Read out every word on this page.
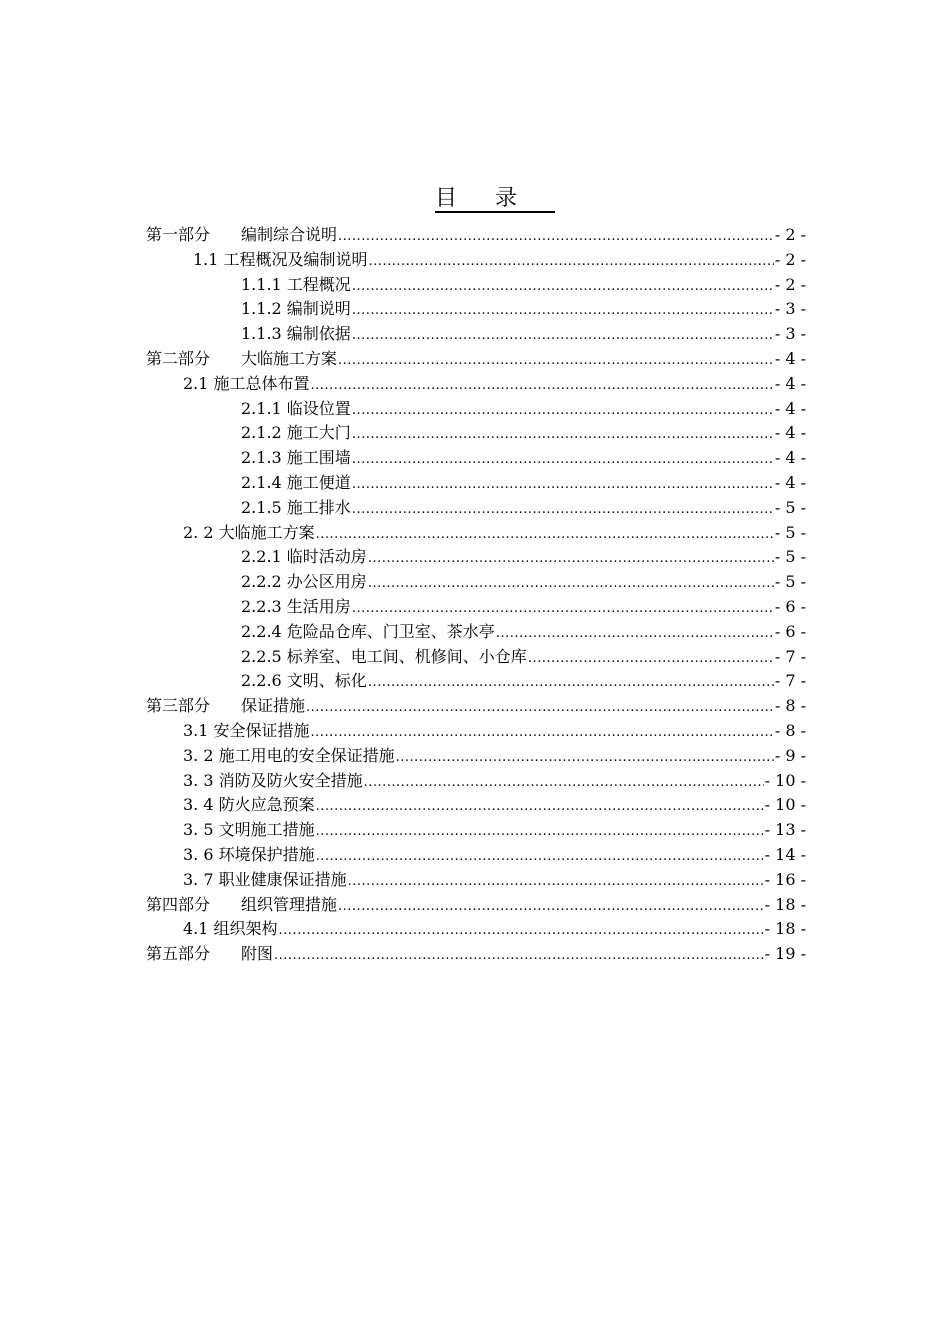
目录
第一部分 编制综合说明 .....	- 2 -
1.1 工程概况及编制说明 .....	- 2 -
1.1.1 工程概况 .....	- 2 -
1.1.2 编制说明 .....	- 3 -
1.1.3 编制依据 .....	- 3 -
第二部分 大临施工方案 .....	- 4 -
2.1 施工总体布置 .....	- 4 -
2.1.1 临设位置 .....	- 4 -
2.1.2 施工大门 .....	- 4 -
2.1.3 施工围墙 .....	- 4 -
2.1.4 施工便道 .....	- 4 -
2.1.5 施工排水 .....	- 5 -
2. 2 大临施工方案 .....	- 5 -
2.2.1 临时活动房 .....	- 5 -
2.2.2 办公区用房 .....	- 5 -
2.2.3 生活用房 .....	- 6 -
2.2.4 危险品仓库、门卫室、茶水亭 .....	- 6 -
2.2.5 标养室、电工间、机修间、小仓库 .....	- 7 -
2.2.6 文明、标化 .....	- 7 -
第三部分 保证措施 .....	- 8 -
3.1 安全保证措施 .....	- 8 -
3. 2 施工用电的安全保证措施 .....	- 9 -
3. 3 消防及防火安全措施 .....	- 10 -
3. 4 防火应急预案 .....	- 10 -
3. 5 文明施工措施 .....	- 13 -
3. 6 环境保护措施 .....	- 14 -
3. 7 职业健康保证措施 .....	- 16 -
第四部分 组织管理措施 .....	- 18 -
4.1 组织架构 .....	- 18 -
第五部分 附图 .....	- 19 -
